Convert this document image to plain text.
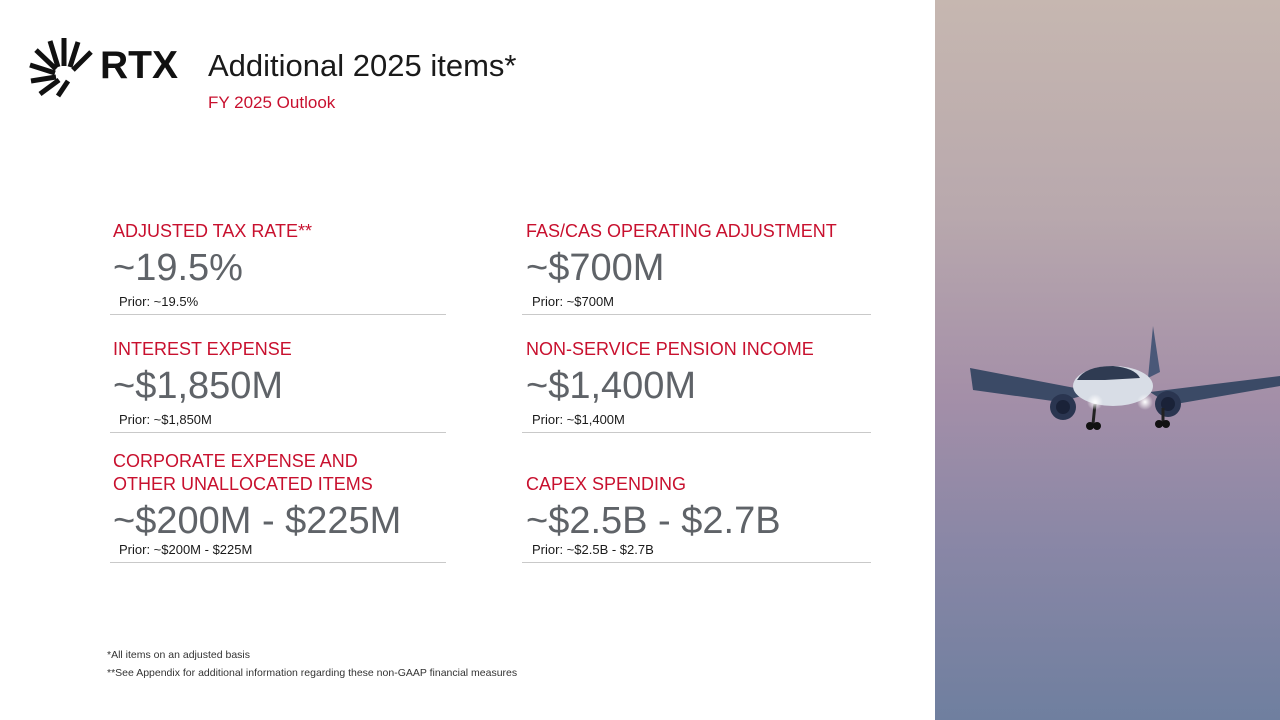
RTX Additional 2025 items*
FY 2025 Outlook
ADJUSTED TAX RATE**
~19.5%
Prior: ~19.5%
FAS/CAS OPERATING ADJUSTMENT
~$700M
Prior: ~$700M
INTEREST EXPENSE
~$1,850M
Prior: ~$1,850M
NON-SERVICE PENSION INCOME
~$1,400M
Prior: ~$1,400M
CORPORATE EXPENSE AND
OTHER UNALLOCATED ITEMS
~$200M - $225M
Prior: ~$200M - $225M
CAPEX SPENDING
~$2.5B - $2.7B
Prior: ~$2.5B - $2.7B
*All items on an adjusted basis
**See Appendix for additional information regarding these non-GAAP financial measures
